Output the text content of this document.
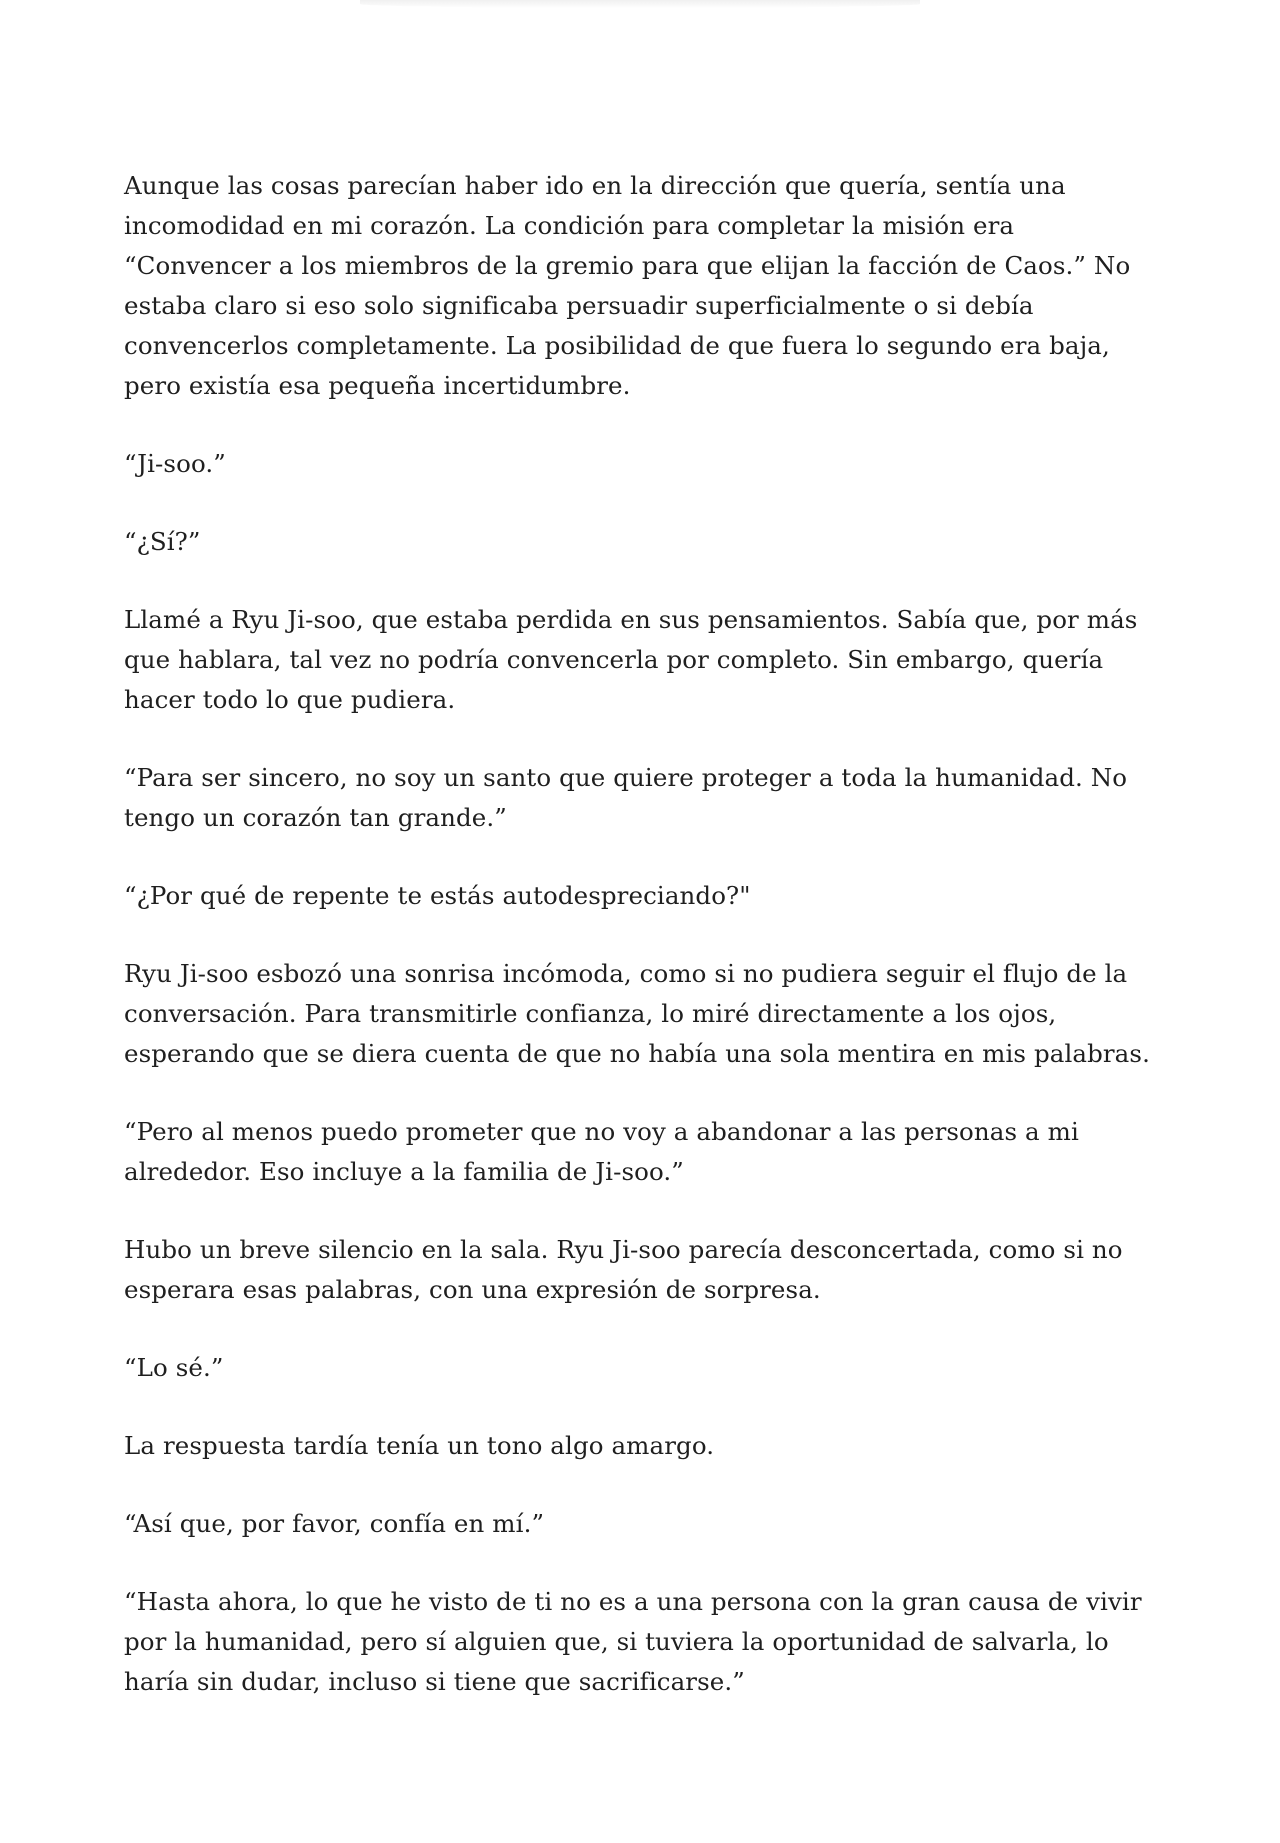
Aunque las cosas parecían haber ido en la dirección que quería, sentía una incomodidad en mi corazón. La condición para completar la misión era “Convencer a los miembros de la gremio para que elijan la facción de Caos.” No estaba claro si eso solo significaba persuadir superficialmente o si debía convencerlos completamente. La posibilidad de que fuera lo segundo era baja, pero existía esa pequeña incertidumbre.

“Ji-soo.”

“¿Sí?”

Llamé a Ryu Ji-soo, que estaba perdida en sus pensamientos. Sabía que, por más que hablara, tal vez no podría convencerla por completo. Sin embargo, quería hacer todo lo que pudiera.

“Para ser sincero, no soy un santo que quiere proteger a toda la humanidad. No tengo un corazón tan grande.”

“¿Por qué de repente te estás autodespreciando?"

Ryu Ji-soo esbozó una sonrisa incómoda, como si no pudiera seguir el flujo de la conversación. Para transmitirle confianza, lo miré directamente a los ojos, esperando que se diera cuenta de que no había una sola mentira en mis palabras.

“Pero al menos puedo prometer que no voy a abandonar a las personas a mi alrededor. Eso incluye a la familia de Ji-soo.”

Hubo un breve silencio en la sala. Ryu Ji-soo parecía desconcertada, como si no esperara esas palabras, con una expresión de sorpresa.

“Lo sé.”

La respuesta tardía tenía un tono algo amargo.

“Así que, por favor, confía en mí.”

“Hasta ahora, lo que he visto de ti no es a una persona con la gran causa de vivir por la humanidad, pero sí alguien que, si tuviera la oportunidad de salvarla, lo haría sin dudar, incluso si tiene que sacrificarse.”
